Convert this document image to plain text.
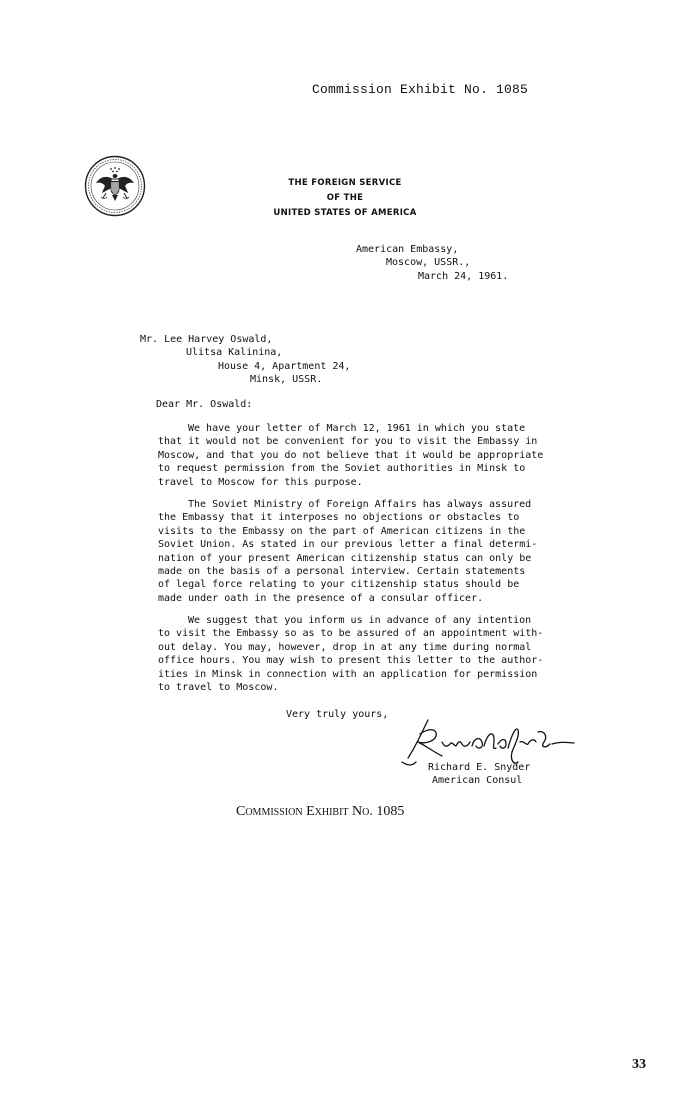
Commission Exhibit No. 1085
THE FOREIGN SERVICE
OF THE
UNITED STATES OF AMERICA
American Embassy,
Moscow, USSR.,
March 24, 1961.
Mr. Lee Harvey Oswald,
Ulitsa Kalinina,
House 4, Apartment 24,
Minsk, USSR.
Dear Mr. Oswald:
We have your letter of March 12, 1961 in which you state
that it would not be convenient for you to visit the Embassy in
Moscow, and that you do not believe that it would be appropriate
to request permission from the Soviet authorities in Minsk to
travel to Moscow for this purpose.
The Soviet Ministry of Foreign Affairs has always assured
the Embassy that it interposes no objections or obstacles to
visits to the Embassy on the part of American citizens in the
Soviet Union. As stated in our previous letter a final determi-
nation of your present American citizenship status can only be
made on the basis of a personal interview. Certain statements
of legal force relating to your citizenship status should be
made under oath in the presence of a consular officer.
We suggest that you inform us in advance of any intention
to visit the Embassy so as to be assured of an appointment with-
out delay. You may, however, drop in at any time during normal
office hours. You may wish to present this letter to the author-
ities in Minsk in connection with an application for permission
to travel to Moscow.
Very truly yours,
Richard E. Snyder
American Consul
Commission Exhibit No. 1085
33
